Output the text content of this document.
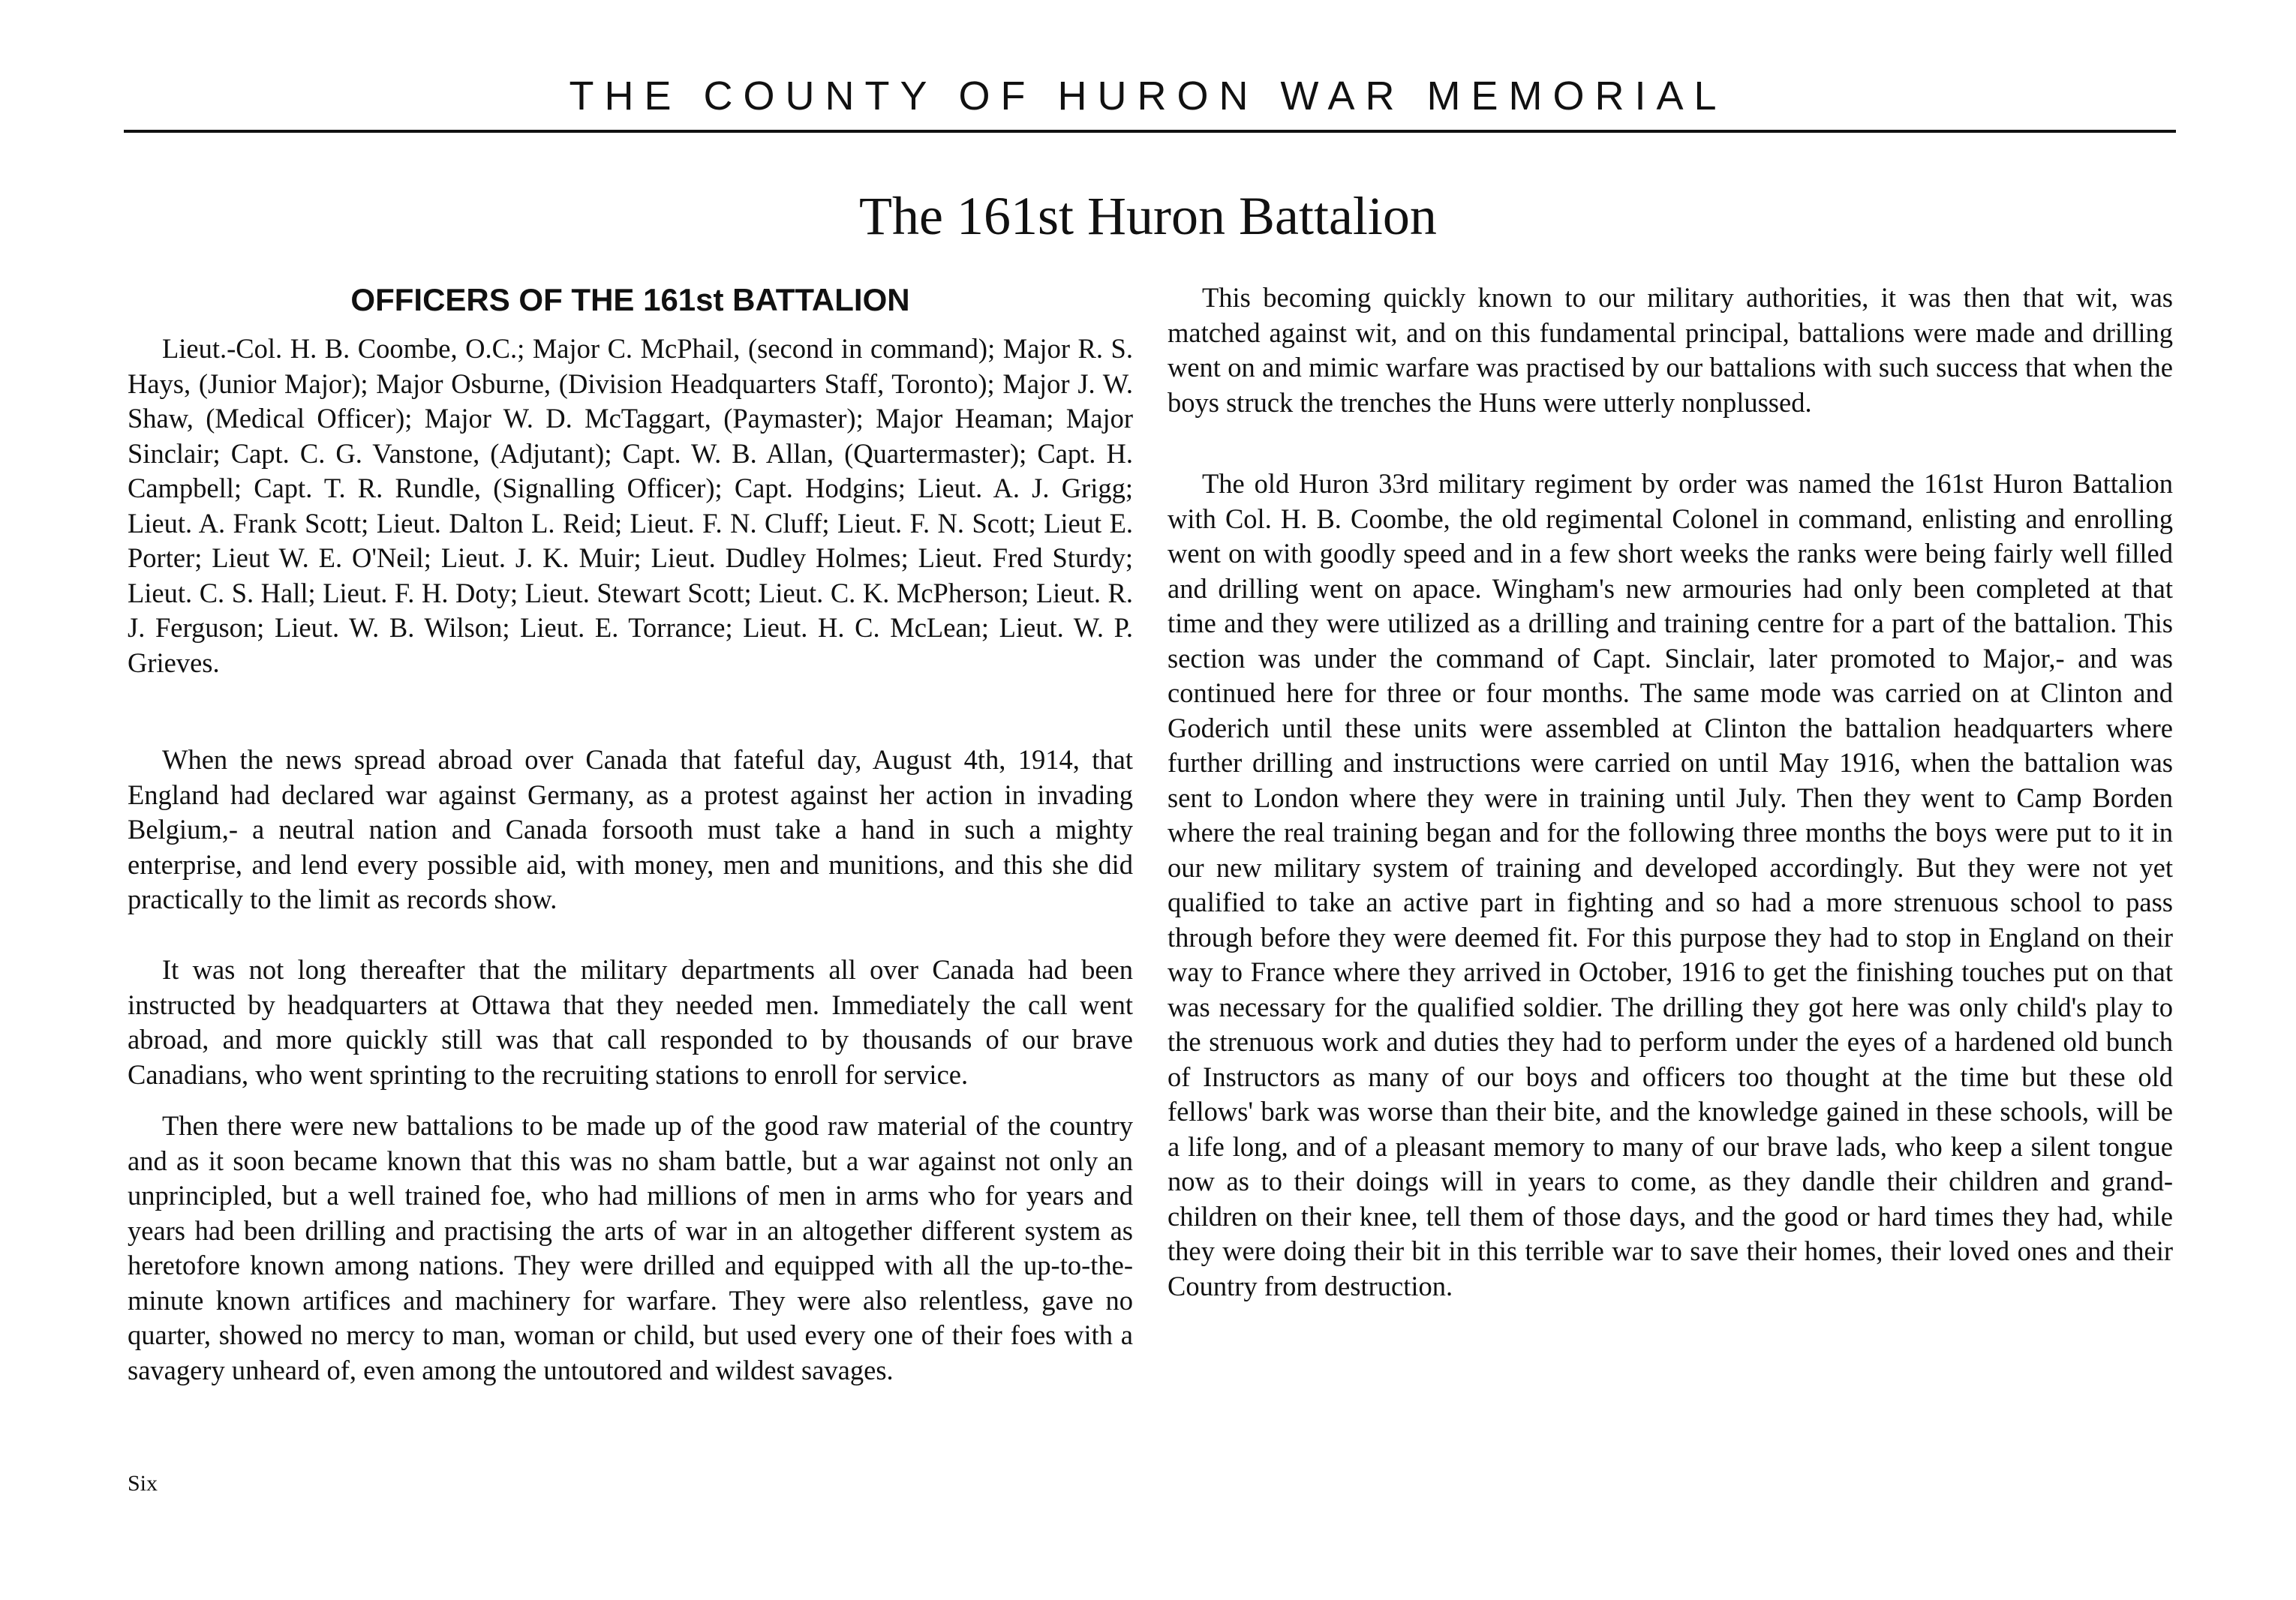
THE COUNTY OF HURON WAR MEMORIAL
The 161st Huron Battalion
OFFICERS OF THE 161st BATTALION

Lieut.-Col. H. B. Coombe, O.C.; Major C. McPhail, (second in command); Major R. S. Hays, (Junior Major); Major Osburne, (Division Headquarters Staff, Toronto); Major J. W. Shaw, (Medical Officer); Major W. D. McTaggart, (Paymaster); Major Heaman; Major Sinclair; Capt. C. G. Vanstone, (Adjutant); Capt. W. B. Allan, (Quartermaster); Capt. H. Campbell; Capt. T. R. Rundle, (Signalling Officer); Capt. Hodgins; Lieut. A. J. Grigg; Lieut. A. Frank Scott; Lieut. Dalton L. Reid; Lieut. F. N. Cluff; Lieut. F. N. Scott; Lieut E. Porter; Lieut W. E. O'Neil; Lieut. J. K. Muir; Lieut. Dudley Holmes; Lieut. Fred Sturdy; Lieut. C. S. Hall; Lieut. F. H. Doty; Lieut. Stewart Scott; Lieut. C. K. McPherson; Lieut. R. J. Ferguson; Lieut. W. B. Wilson; Lieut. E. Torrance; Lieut. H. C. McLean; Lieut. W. P. Grieves.

When the news spread abroad over Canada that fateful day, August 4th, 1914, that England had declared war against Germany, as a protest against her action in invading Belgium,- a neutral nation and Canada forsooth must take a hand in such a mighty enterprise, and lend every possible aid, with money, men and munitions, and this she did practically to the limit as records show.

It was not long thereafter that the military departments all over Canada had been instructed by headquarters at Ottawa that they needed men. Immediately the call went abroad, and more quickly still was that call responded to by thousands of our brave Canadians, who went sprinting to the recruiting stations to enroll for service.

Then there were new battalions to be made up of the good raw material of the country and as it soon became known that this was no sham battle, but a war against not only an unprincipled, but a well trained foe, who had millions of men in arms who for years and years had been drilling and practising the arts of war in an altogether different system as heretofore known among nations. They were drilled and equipped with all the up-to-the-minute known artifices and machinery for warfare. They were also relentless, gave no quarter, showed no mercy to man, woman or child, but used every one of their foes with a savagery unheard of, even among the untoutored and wildest savages.

This becoming quickly known to our military authorities, it was then that wit, was matched against wit, and on this fundamental principal, battalions were made and drilling went on and mimic warfare was practised by our battalions with such success that when the boys struck the trenches the Huns were utterly nonplussed.

The old Huron 33rd military regiment by order was named the 161st Huron Battalion with Col. H. B. Coombe, the old regimental Colonel in command, enlisting and enrolling went on with goodly speed and in a few short weeks the ranks were being fairly well filled and drilling went on apace. Wingham's new armouries had only been completed at that time and they were utilized as a drilling and training centre for a part of the battalion. This section was under the command of Capt. Sinclair, later promoted to Major,- and was continued here for three or four months. The same mode was carried on at Clinton and Goderich until these units were assembled at Clinton the battalion headquarters where further drilling and instructions were carried on until May 1916, when the battalion was sent to London where they were in training until July. Then they went to Camp Borden where the real training began and for the following three months the boys were put to it in our new military system of training and developed accordingly. But they were not yet qualified to take an active part in fighting and so had a more strenuous school to pass through before they were deemed fit. For this purpose they had to stop in England on their way to France where they arrived in October, 1916 to get the finishing touches put on that was necessary for the qualified soldier. The drilling they got here was only child's play to the strenuous work and duties they had to perform under the eyes of a hardened old bunch of Instructors as many of our boys and officers too thought at the time but these old fellows' bark was worse than their bite, and the knowledge gained in these schools, will be a life long, and of a pleasant memory to many of our brave lads, who keep a silent tongue now as to their doings will in years to come, as they dandle their children and grand-children on their knee, tell them of those days, and the good or hard times they had, while they were doing their bit in this terrible war to save their homes, their loved ones and their Country from destruction.

Six
